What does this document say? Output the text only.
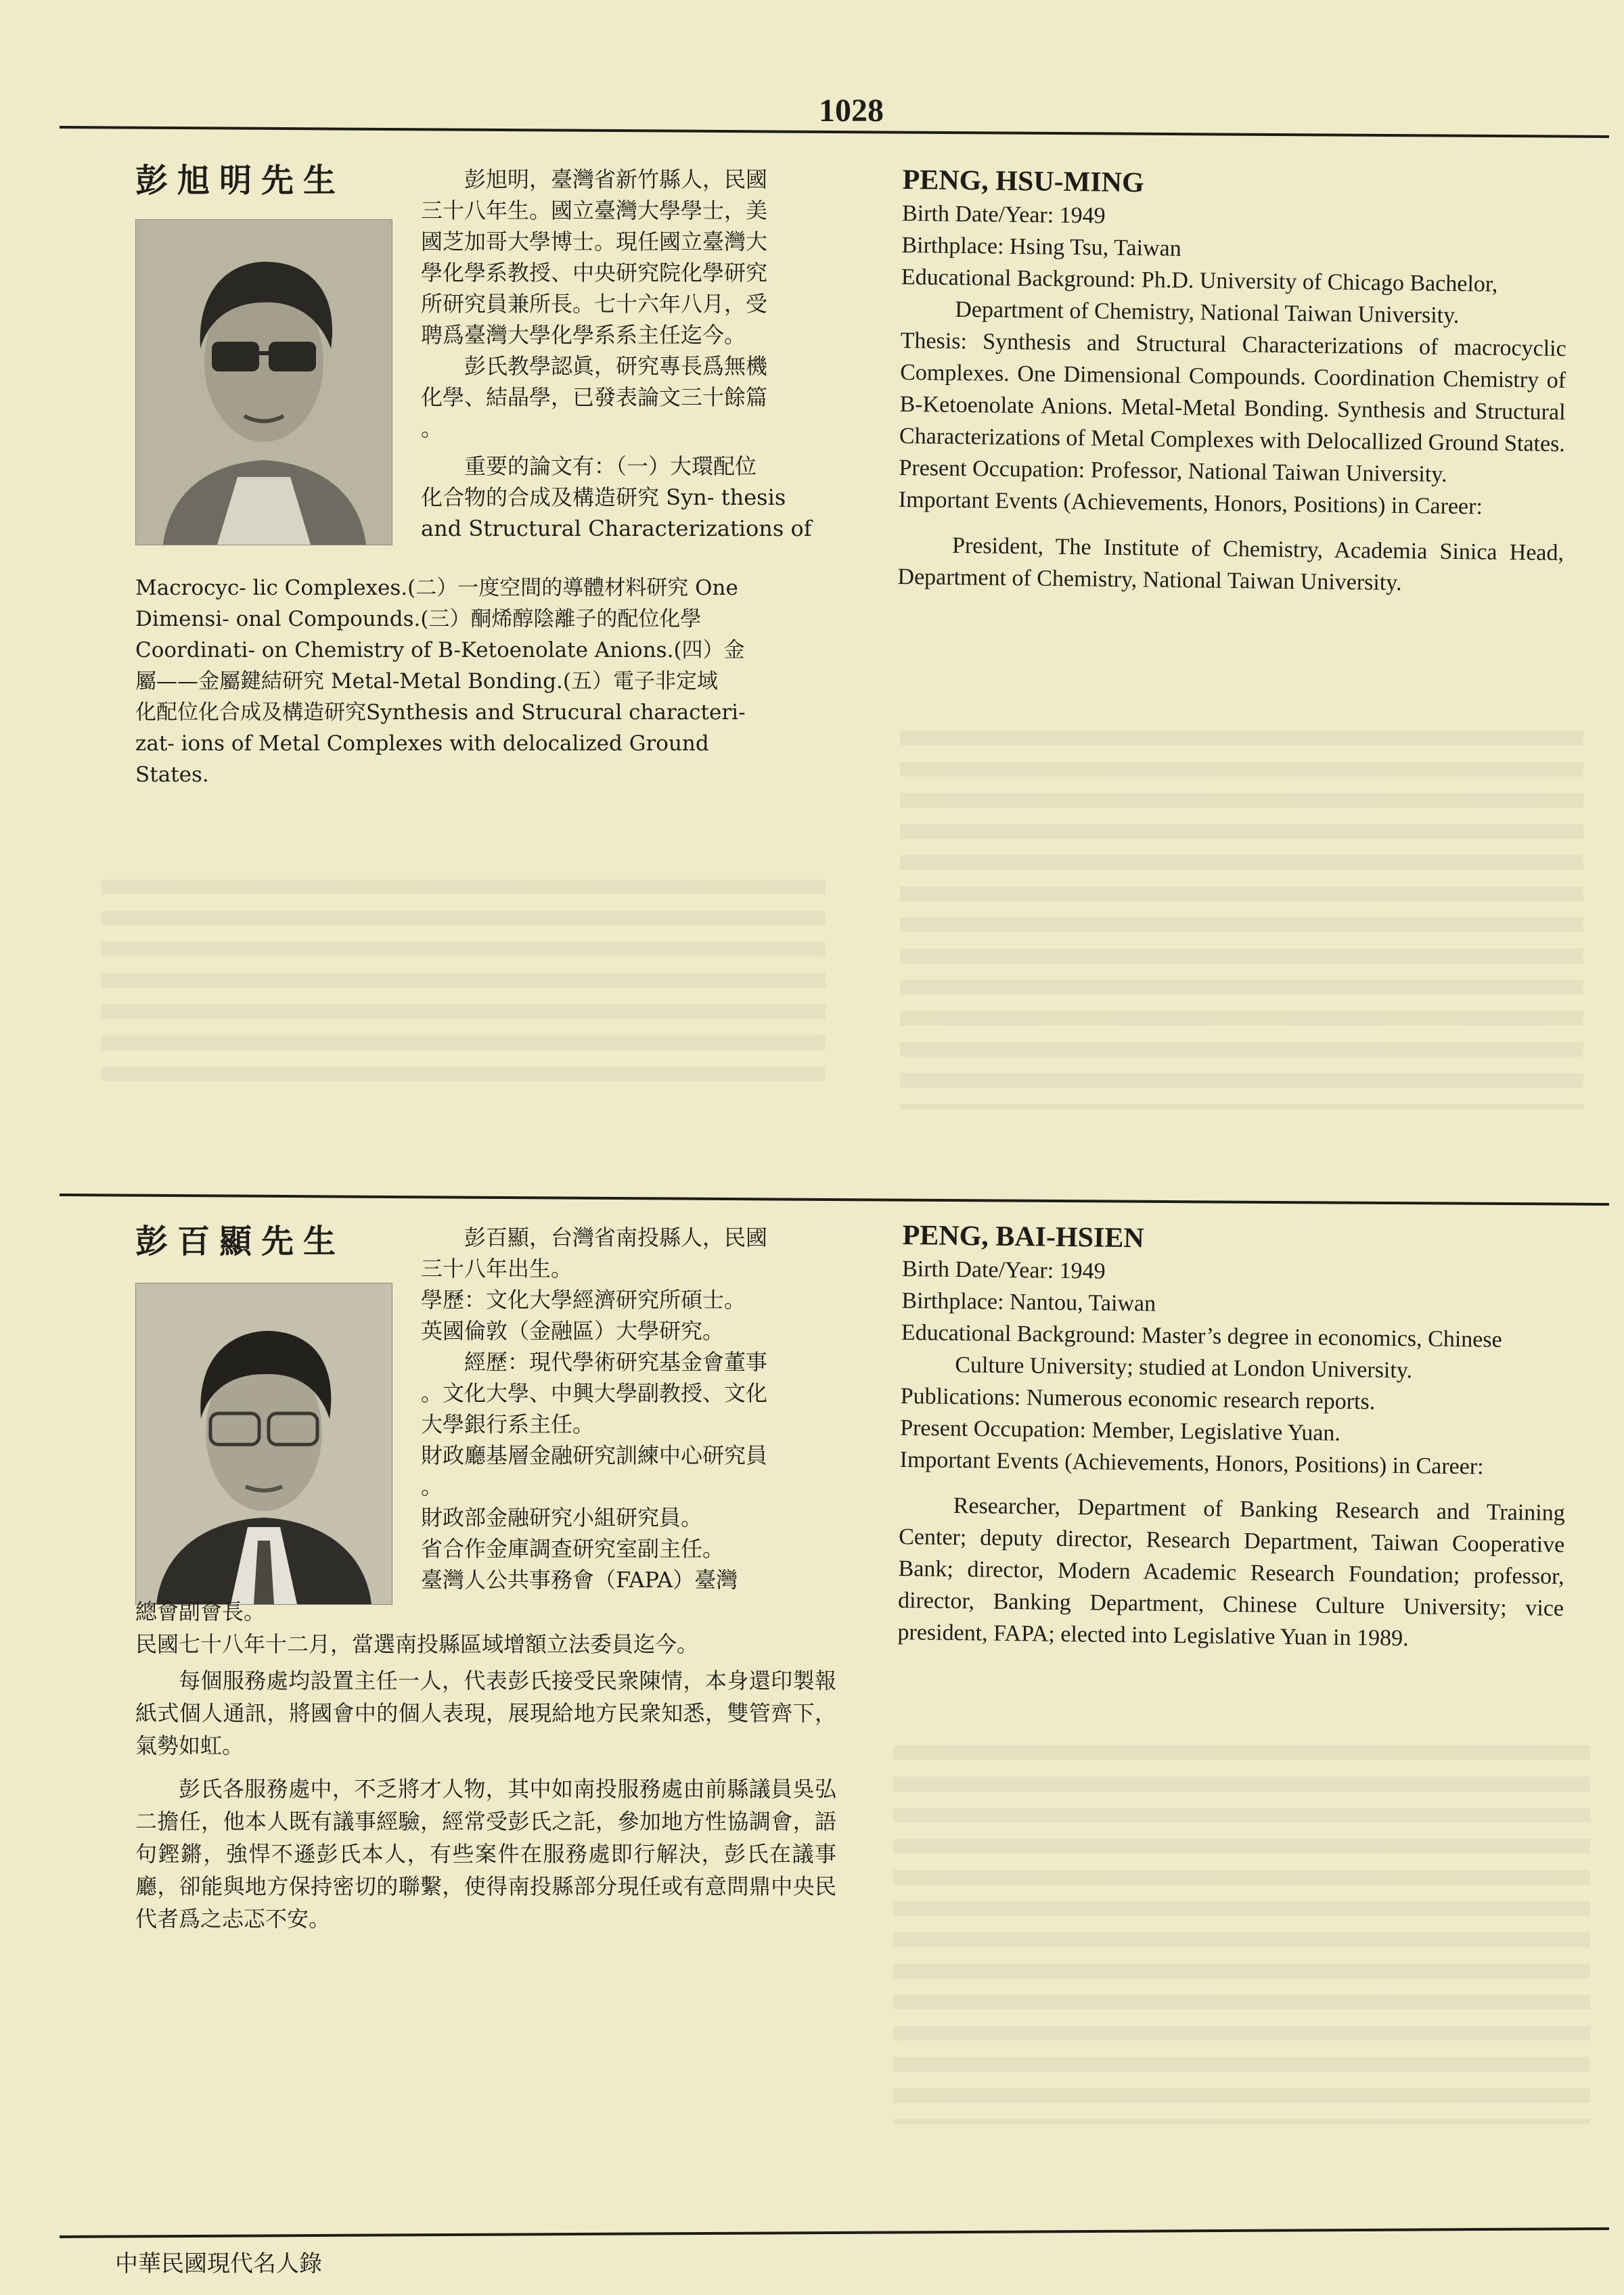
1028
彭旭明先生	彭旭明，臺灣省新竹縣人，民國

三十八年生。國立臺灣大學學士，美

國芝加哥大學博士。現任國立臺灣大

學化學系教授、中央研究院化學研究

所研究員兼所長。七十六年八月，受

聘爲臺灣大學化學系系主任迄今。

彭氏教學認眞，研究專長爲無機

化學、結晶學，已發表論文三十餘篇

。

重要的論文有：（一）大環配位

化合物的合成及構造研究 Syn- thesis

and Structural Characterizations of

Macrocyc- lic Complexes.(二）一度空間的導體材料研究 One

Dimensi- onal Compounds.(三）酮烯醇陰離子的配位化學

Coordinati- on Chemistry of B-Ketoenolate Anions.(四）金

屬——金屬鍵結研究 Metal-Metal Bonding.(五）電子非定域

化配位化合成及構造研究Synthesis and Strucural characteri-

zat- ions of Metal Complexes with delocalized Ground

States.

PENG, HSU-MING

Birth Date/Year: 1949

Birthplace: Hsing Tsu, Taiwan

Educational Background: Ph.D. University of Chicago Bachelor, Department of Chemistry, National Taiwan University.

Thesis: Synthesis and Structural Characterizations of macrocyclic Complexes. One Dimensional Compounds. Coordination Chemistry of B-Ketoenolate Anions. Metal-Metal Bonding. Synthesis and Structural Characterizations of Metal Complexes with Delocallized Ground States.

Present Occupation: Professor, National Taiwan University.

Important Events (Achievements, Honors, Positions) in Career:

President, The Institute of Chemistry, Academia Sinica Head, Department of Chemistry, National Taiwan University.

彭百顯先生	彭百顯，台灣省南投縣人，民國

三十八年出生。

學歷：文化大學經濟研究所碩士。

英國倫敦（金融區）大學研究。

經歷：現代學術研究基金會董事

。文化大學、中興大學副教授、文化

大學銀行系主任。

財政廳基層金融研究訓練中心研究員

。

財政部金融研究小組研究員。

省合作金庫調查研究室副主任。

臺灣人公共事務會（FAPA）臺灣

總會副會長。

民國七十八年十二月，當選南投縣區域增額立法委員迄今。

每個服務處均設置主任一人，代表彭氏接受民衆陳情，本身還印製報紙式個人通訊，將國會中的個人表現，展現給地方民衆知悉，雙管齊下，氣勢如虹。

彭氏各服務處中，不乏將才人物，其中如南投服務處由前縣議員吳弘二擔任，他本人既有議事經驗，經常受彭氏之託，參加地方性協調會，語句鏗鏘，強悍不遜彭氏本人，有些案件在服務處即行解決，彭氏在議事廳，卻能與地方保持密切的聯繫，使得南投縣部分現任或有意問鼎中央民代者爲之忐忑不安。

PENG, BAI-HSIEN

Birth Date/Year: 1949

Birthplace: Nantou, Taiwan

Educational Background: Master’s degree in economics, Chinese Culture University; studied at London University.

Publications: Numerous economic research reports.

Present Occupation: Member, Legislative Yuan.

Important Events (Achievements, Honors, Positions) in Career:

Researcher, Department of Banking Research and Training Center; deputy director, Research Department, Taiwan Cooperative Bank; director, Modern Academic Research Foundation; professor, director, Banking Department, Chinese Culture University; vice president, FAPA; elected into Legislative Yuan in 1989.

中華民國現代名人錄
